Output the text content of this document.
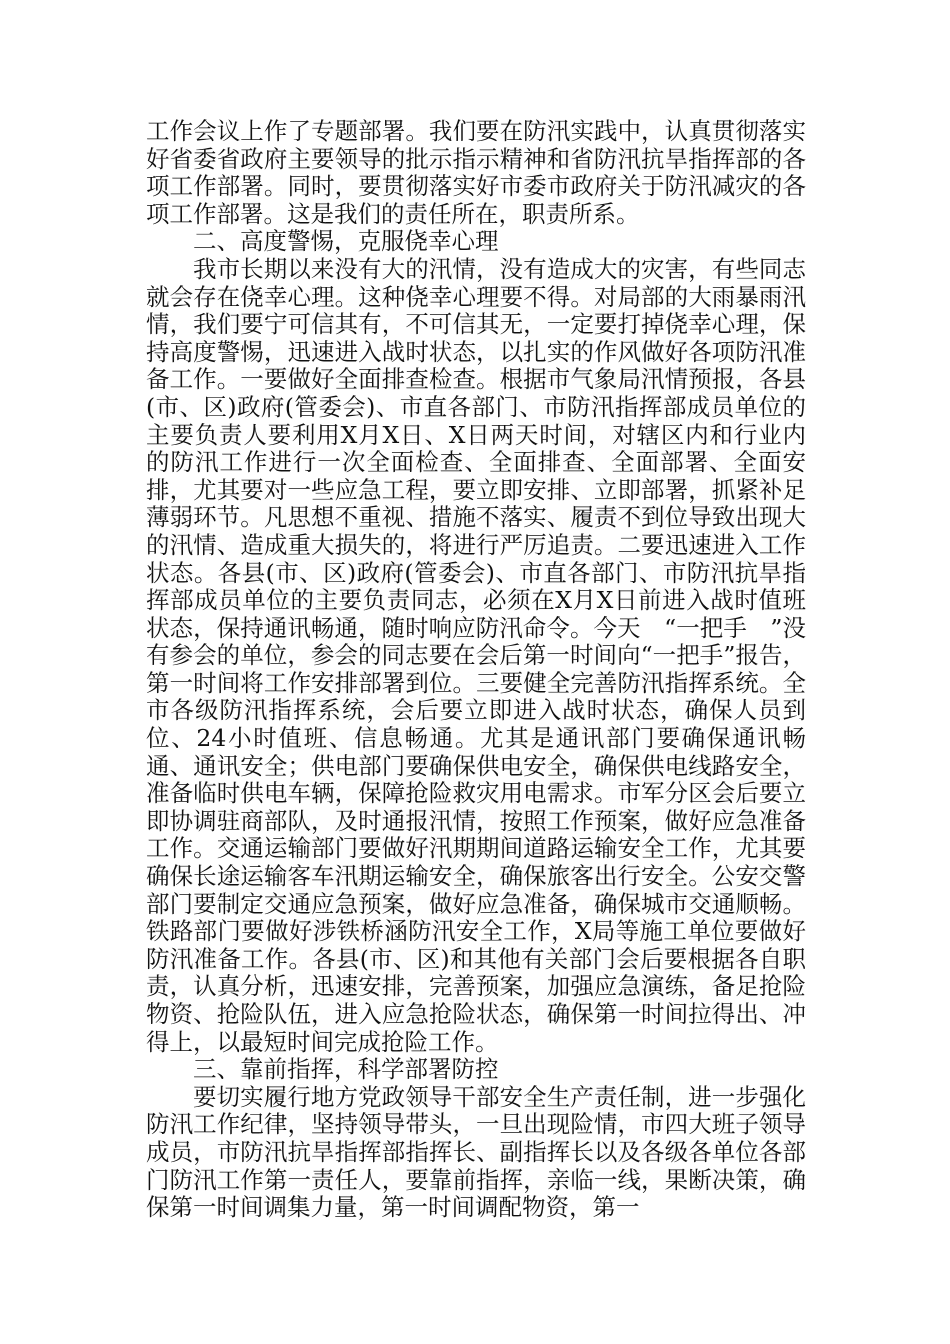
工作会议上作了专题部署。我们要在防汛实践中，认真贯彻落实好省委省政府主要领导的批示指示精神和省防汛抗旱指挥部的各项工作部署。同时，要贯彻落实好市委市政府关于防汛减灾的各项工作部署。这是我们的责任所在，职责所系。

二、高度警惕，克服侥幸心理

我市长期以来没有大的汛情，没有造成大的灾害，有些同志就会存在侥幸心理。这种侥幸心理要不得。对局部的大雨暴雨汛情，我们要宁可信其有，不可信其无，一定要打掉侥幸心理，保持高度警惕，迅速进入战时状态，以扎实的作风做好各项防汛准备工作。一要做好全面排查检查。根据市气象局汛情预报，各县(市、区)政府(管委会)、市直各部门、市防汛指挥部成员单位的主要负责人要利用X月X日、X日两天时间，对辖区内和行业内的防汛工作进行一次全面检查、全面排查、全面部署、全面安排，尤其要对一些应急工程，要立即安排、立即部署，抓紧补足薄弱环节。凡思想不重视、措施不落实、履责不到位导致出现大的汛情、造成重大损失的，将进行严厉追责。二要迅速进入工作状态。各县(市、区)政府(管委会)、市直各部门、市防汛抗旱指挥部成员单位的主要负责同志，必须在X月X日前进入战时值班状态，保持通讯畅通，随时响应防汛命令。今天　“一把手　”没有参会的单位，参会的同志要在会后第一时间向“一把手”报告，第一时间将工作安排部署到位。三要健全完善防汛指挥系统。全市各级防汛指挥系统，会后要立即进入战时状态，确保人员到位、24小时值班、信息畅通。尤其是通讯部门要确保通讯畅通、通讯安全；供电部门要确保供电安全，确保供电线路安全，准备临时供电车辆，保障抢险救灾用电需求。市军分区会后要立即协调驻商部队，及时通报汛情，按照工作预案，做好应急准备工作。交通运输部门要做好汛期期间道路运输安全工作，尤其要确保长途运输客车汛期运输安全，确保旅客出行安全。公安交警部门要制定交通应急预案，做好应急准备，确保城市交通顺畅。铁路部门要做好涉铁桥涵防汛安全工作，X局等施工单位要做好防汛准备工作。各县(市、区)和其他有关部门会后要根据各自职责，认真分析，迅速安排，完善预案，加强应急演练，备足抢险物资、抢险队伍，进入应急抢险状态，确保第一时间拉得出、冲得上，以最短时间完成抢险工作。

三、靠前指挥，科学部署防控

要切实履行地方党政领导干部安全生产责任制，进一步强化防汛工作纪律，坚持领导带头，一旦出现险情，市四大班子领导成员，市防汛抗旱指挥部指挥长、副指挥长以及各级各单位各部门防汛工作第一责任人，要靠前指挥，亲临一线，果断决策，确保第一时间调集力量，第一时间调配物资，第一
